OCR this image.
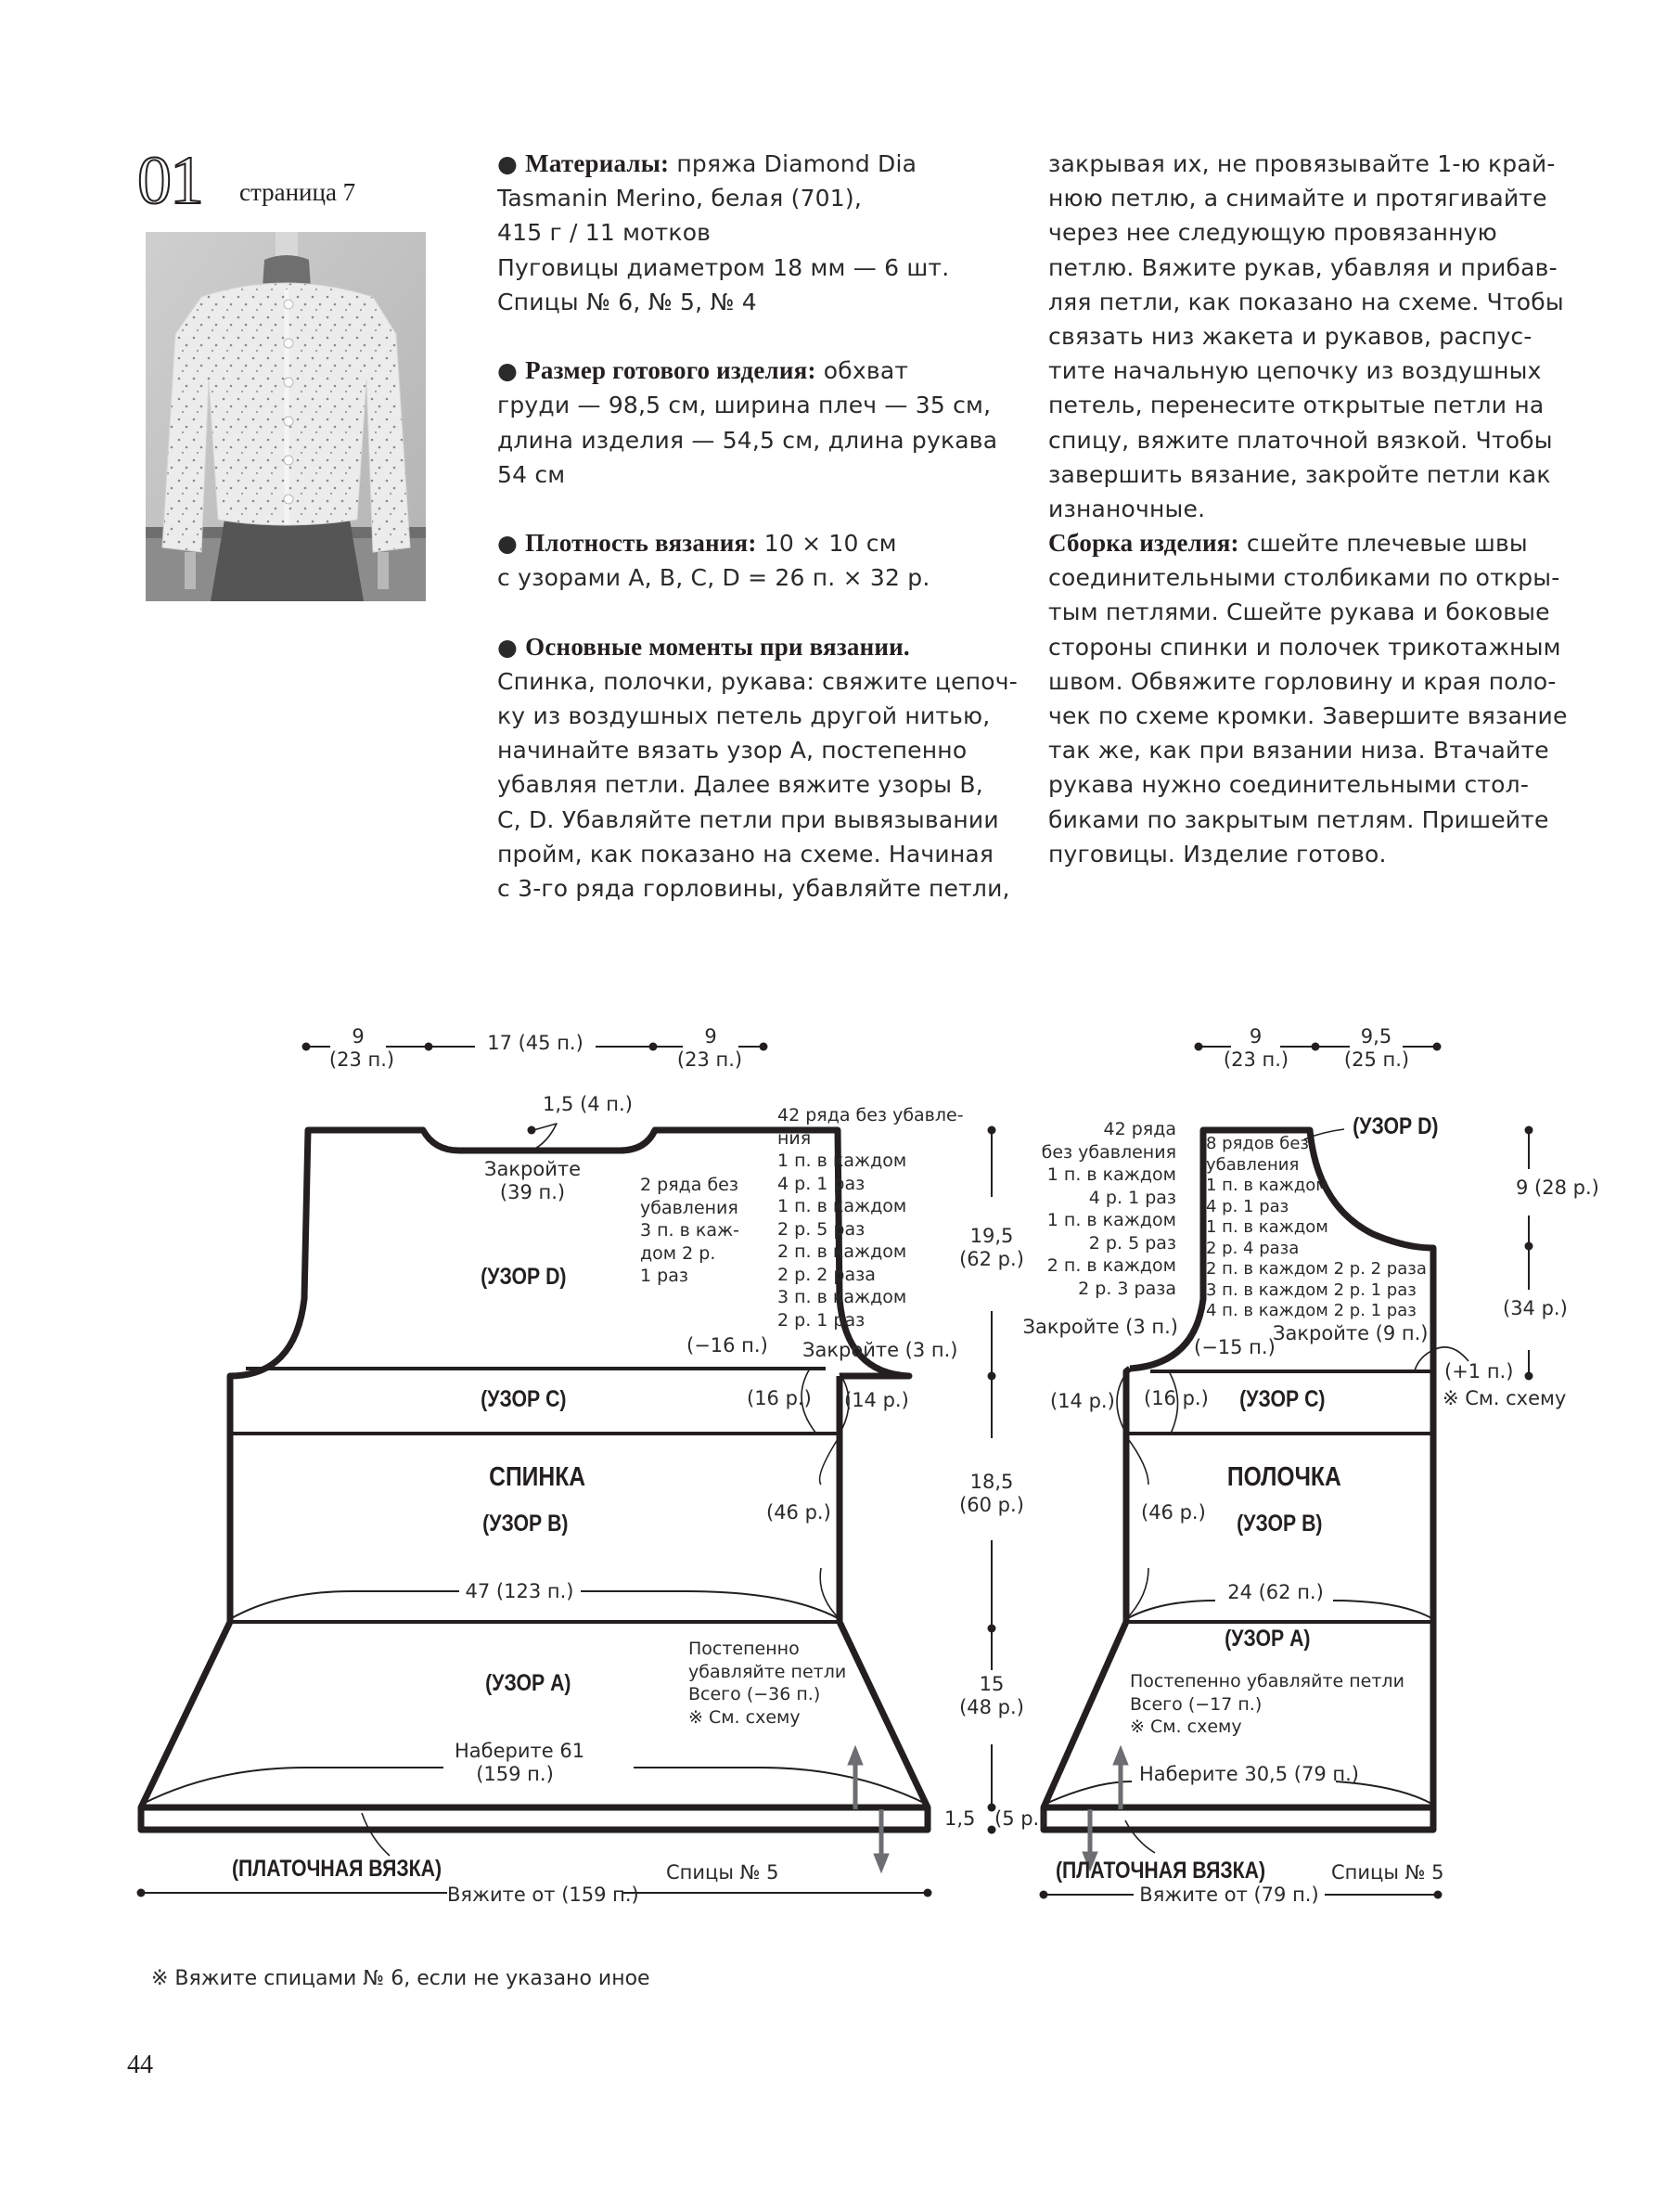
01 страница 7
● Материалы: пряжа Diamond Dia
Tasmanin Merino, белая (701),
415 г / 11 мотков
Пуговицы диаметром 18 мм — 6 шт.
Спицы № 6, № 5, № 4
● Размер готового изделия: обхват
груди — 98,5 см, ширина плеч — 35 см,
длина изделия — 54,5 см, длина рукава
54 см
● Плотность вязания: 10 × 10 см
с узорами A, B, C, D = 26 п. × 32 р.
● Основные моменты при вязании.
Спинка, полочки, рукава: свяжите цепоч-
ку из воздушных петель другой нитью,
начинайте вязать узор A, постепенно
убавляя петли. Далее вяжите узоры B,
C, D. Убавляйте петли при вывязывании
пройм, как показано на схеме. Начиная
с 3-го ряда горловины, убавляйте петли,
закрывая их, не провязывайте 1-ю край-
нюю петлю, а снимайте и протягивайте
через нее следующую провязанную
петлю. Вяжите рукав, убавляя и прибав-
ляя петли, как показано на схеме. Чтобы
связать низ жакета и рукавов, распус-
тите начальную цепочку из воздушных
петель, перенесите открытые петли на
спицу, вяжите платочной вязкой. Чтобы
завершить вязание, закройте петли как
изнаночные.
Сборка изделия: сшейте плечевые швы
соединительными столбиками по откры-
тым петлями. Сшейте рукава и боковые
стороны спинки и полочек трикотажным
швом. Обвяжите горловину и края поло-
чек по схеме кромки. Завершите вязание
так же, как при вязании низа. Втачайте
рукава нужно соединительными стол-
биками по закрытым петлям. Пришейте
пуговицы. Изделие готово.
9
(23 п.)
17 (45 п.)	9
(23 п.)
1,5 (4 п.)
Закройте
(39 п.)	2 ряда без
убавления
3 п. в каж-
дом 2 р.
1 раз
42 ряда без убавле-
ния
1 п. в каждом
4 р. 1 раз
1 п. в каждом
2 р. 5 раз
2 п. в каждом
2 р. 2 раза
3 п. в каждом
2 р. 1 раз
Закройте (3 п.)
(−16 п.)
(УЗОР D)
(УЗОР C)	(16 р.) (14 р.)
СПИНКА
(УЗОР B)	(46 р.)
47 (123 п.)
(УЗОР A)
Постепенно
убавляйте петли
Всего (−36 п.)
※ См. схему
Наберите 61
(159 п.)
(ПЛАТОЧНАЯ ВЯЗКА)	Спицы № 5
Вяжите от (159 п.)
19,5
(62 р.)
18,5
(60 р.)
15
(48 р.)
1,5 (5 р.)
9
(23 п.)
9,5
(25 п.)
42 ряда
без убавления
1 п. в каждом
4 р. 1 раз
1 п. в каждом
2 р. 5 раз
2 п. в каждом
2 р. 3 раза
Закройте (3 п.)
(УЗОР D)
8 рядов без
убавления
1 п. в каждом
4 р. 1 раз
1 п. в каждом
2 р. 4 раза
2 п. в каждом 2 р. 2 раза
3 п. в каждом 2 р. 1 раз
4 п. в каждом 2 р. 1 раз
Закройте (9 п.)
(−15 п.)
(14 р.) (16 р.) (УЗОР C)
ПОЛОЧКА
(УЗОР B)
(46 р.)
24 (62 п.)
9 (28 р.)
(34 р.)
(+1 п.)
※ См. схему
(УЗОР A)
Постепенно убавляйте петли
Всего (−17 п.)
※ См. схему
Наберите 30,5 (79 п.)
(ПЛАТОЧНАЯ ВЯЗКА)	Спицы № 5
Вяжите от (79 п.)
※ Вяжите спицами № 6, если не указано иное
44
